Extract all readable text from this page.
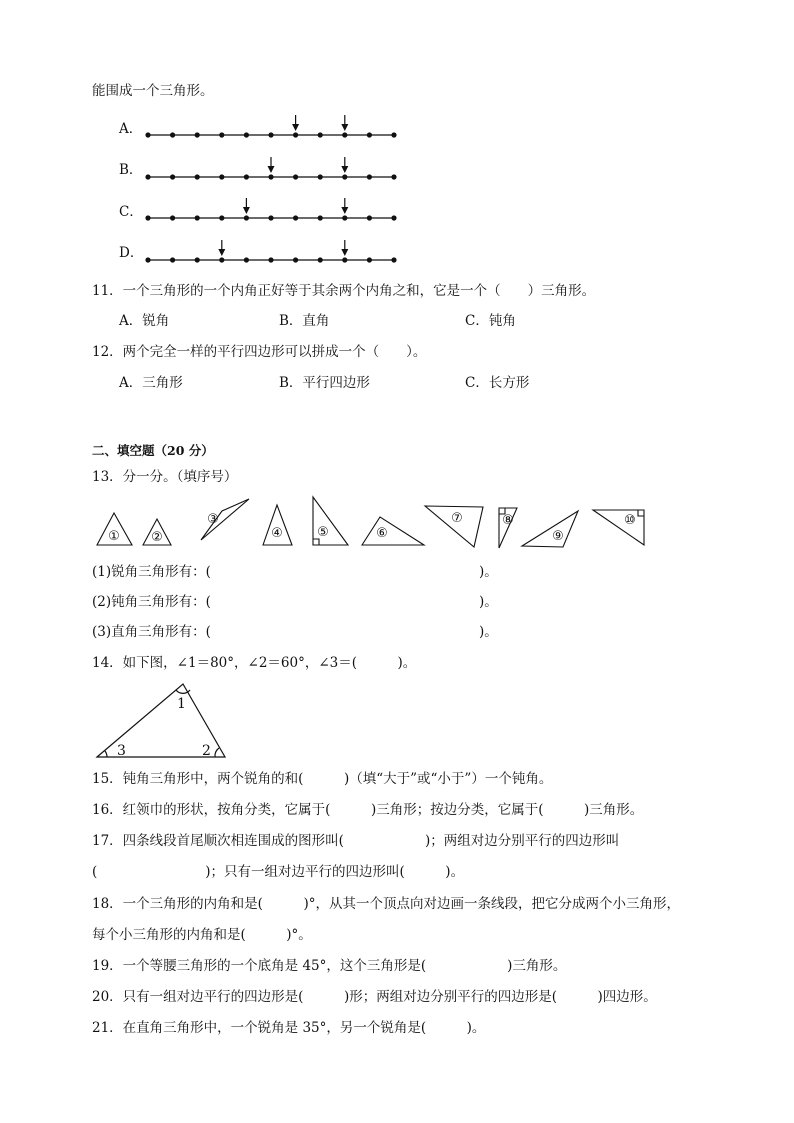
能围成一个三角形。
A．
B．
C．
D．
11．一个三角形的一个内角正好等于其余两个内角之和，它是一个（　　）三角形。
A．锐角	B．直角	C．钝角
12．两个完全一样的平行四边形可以拼成一个（　　）。
A．三角形	B．平行四边形	C．长方形
二、填空题（20 分）
13．分一分。（填序号）
① ②
③
④	⑤	⑥
⑦	⑧
⑨
⑩
(1)锐角三角形有：(	)。
(2)钝角三角形有：(	)。
(3)直角三角形有：(	)。
14．如下图，∠1＝80°，∠2＝60°，∠3＝(　　　)。
1
2
3
15．钝角三角形中，两个锐角的和(　　　)（填“大于”或“小于”）一个钝角。
16．红领巾的形状，按角分类，它属于(　　　)三角形；按边分类，它属于(　　　)三角形。
17．四条线段首尾顺次相连围成的图形叫(　　　　　　)；两组对边分别平行的四边形叫
(　　　　　　　　)；只有一组对边平行的四边形叫(　　　)。
18．一个三角形的内角和是(　　　)°，从其一个顶点向对边画一条线段，把它分成两个小三角形，
每个小三角形的内角和是(　　　)°。
19．一个等腰三角形的一个底角是 45°，这个三角形是(　　　　　　)三角形。
20．只有一组对边平行的四边形是(　　　)形；两组对边分别平行的四边形是(　　　)四边形。
21．在直角三角形中，一个锐角是 35°，另一个锐角是(　　　)。
